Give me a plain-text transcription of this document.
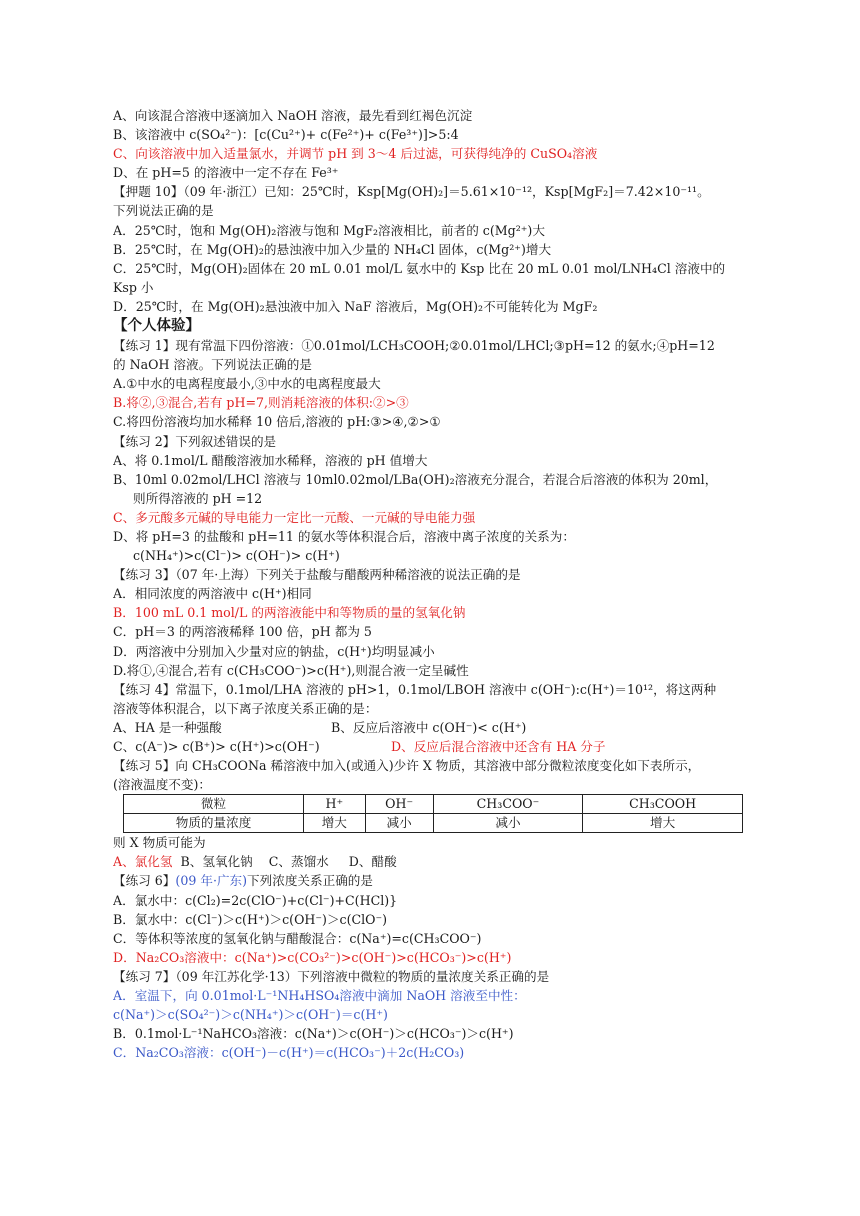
A、向该混合溶液中逐滴加入 NaOH 溶液，最先看到红褐色沉淀
B、该溶液中 c(SO₄²⁻)：[c(Cu²⁺)+ c(Fe²⁺)+ c(Fe³⁺)]>5:4
C、向该溶液中加入适量氯水，并调节 pH 到 3～4 后过滤，可获得纯净的 CuSO₄溶液
D、在 pH=5 的溶液中一定不存在 Fe³⁺
【押题 10】（09 年·浙江）已知：25℃时，Ksp[Mg(OH)₂]＝5.61×10⁻¹²，Ksp[MgF₂]＝7.42×10⁻¹¹。
下列说法正确的是
A．25℃时，饱和 Mg(OH)₂溶液与饱和 MgF₂溶液相比，前者的 c(Mg²⁺)大
B．25℃时，在 Mg(OH)₂的悬浊液中加入少量的 NH₄Cl 固体，c(Mg²⁺)增大
C．25℃时，Mg(OH)₂固体在 20 mL 0.01 mol/L 氨水中的 Ksp 比在 20 mL 0.01 mol/LNH₄Cl 溶液中的
Ksp 小
D．25℃时，在 Mg(OH)₂悬浊液中加入 NaF 溶液后，Mg(OH)₂不可能转化为 MgF₂
【个人体验】
【练习 1】现有常温下四份溶液：①0.01mol/LCH₃COOH;②0.01mol/LHCl;③pH=12 的氨水;④pH=12
的 NaOH 溶液。下列说法正确的是
A.①中水的电离程度最小,③中水的电离程度最大
B.将②,③混合,若有 pH=7,则消耗溶液的体积:②>③
C.将四份溶液均加水稀释 10 倍后,溶液的 pH:③>④,②>①
【练习 2】下列叙述错误的是
A、将 0.1mol/L 醋酸溶液加水稀释，溶液的 pH 值增大
B、10ml 0.02mol/LHCl 溶液与 10ml0.02mol/LBa(OH)₂溶液充分混合，若混合后溶液的体积为 20ml，
则所得溶液的 pH =12
C、多元酸多元碱的导电能力一定比一元酸、一元碱的导电能力强
D、将 pH=3 的盐酸和 pH=11 的氨水等体积混合后，溶液中离子浓度的关系为：
c(NH₄⁺)>c(Cl⁻)> c(OH⁻)> c(H⁺)
【练习 3】（07 年·上海）下列关于盐酸与醋酸两种稀溶液的说法正确的是
A．相同浓度的两溶液中 c(H⁺)相同
B．100 mL 0.1 mol/L 的两溶液能中和等物质的量的氢氧化钠
C．pH＝3 的两溶液稀释 100 倍，pH 都为 5
D．两溶液中分别加入少量对应的钠盐，c(H⁺)均明显减小
D.将①,④混合,若有 c(CH₃COO⁻)>c(H⁺),则混合液一定呈碱性
【练习 4】常温下，0.1mol/LHA 溶液的 pH>1，0.1mol/LBOH 溶液中 c(OH⁻):c(H⁺)＝10¹²，将这两种
溶液等体积混合，以下离子浓度关系正确的是：
A、HA 是一种强酸	B、反应后溶液中 c(OH⁻)< c(H⁺)
C、c(A⁻)> c(B⁺)> c(H⁺)>c(OH⁻)	D、反应后混合溶液中还含有 HA 分子
【练习 5】向 CH₃COONa 稀溶液中加入(或通入)少许 X 物质，其溶液中部分微粒浓度变化如下表所示，
(溶液温度不变)：
微粒	H⁺	OH⁻	CH₃COO⁻	CH₃COOH
物质的量浓度	增大	减小	减小	增大
则 X 物质可能为
A、氯化氢 B、氢氧化钠 C、蒸馏水 D、醋酸
【练习 6】(09 年·广东)下列浓度关系正确的是
A．氯水中：c(Cl₂)=2c(ClO⁻)+c(Cl⁻)+C(HCl)}
B．氯水中：c(Cl⁻)＞c(H⁺)＞c(OH⁻)＞c(ClO⁻)
C．等体积等浓度的氢氧化钠与醋酸混合：c(Na⁺)=c(CH₃COO⁻)
D．Na₂CO₃溶液中：c(Na⁺)>c(CO₃²⁻)>c(OH⁻)>c(HCO₃⁻)>c(H⁺)
【练习 7】（09 年江苏化学·13）下列溶液中微粒的物质的量浓度关系正确的是
A．室温下，向 0.01mol·L⁻¹NH₄HSO₄溶液中滴加 NaOH 溶液至中性：
c(Na⁺)＞c(SO₄²⁻)＞c(NH₄⁺)＞c(OH⁻)＝c(H⁺)
B．0.1mol·L⁻¹NaHCO₃溶液：c(Na⁺)＞c(OH⁻)＞c(HCO₃⁻)＞c(H⁺)
C．Na₂CO₃溶液：c(OH⁻)－c(H⁺)＝c(HCO₃⁻)＋2c(H₂CO₃)
